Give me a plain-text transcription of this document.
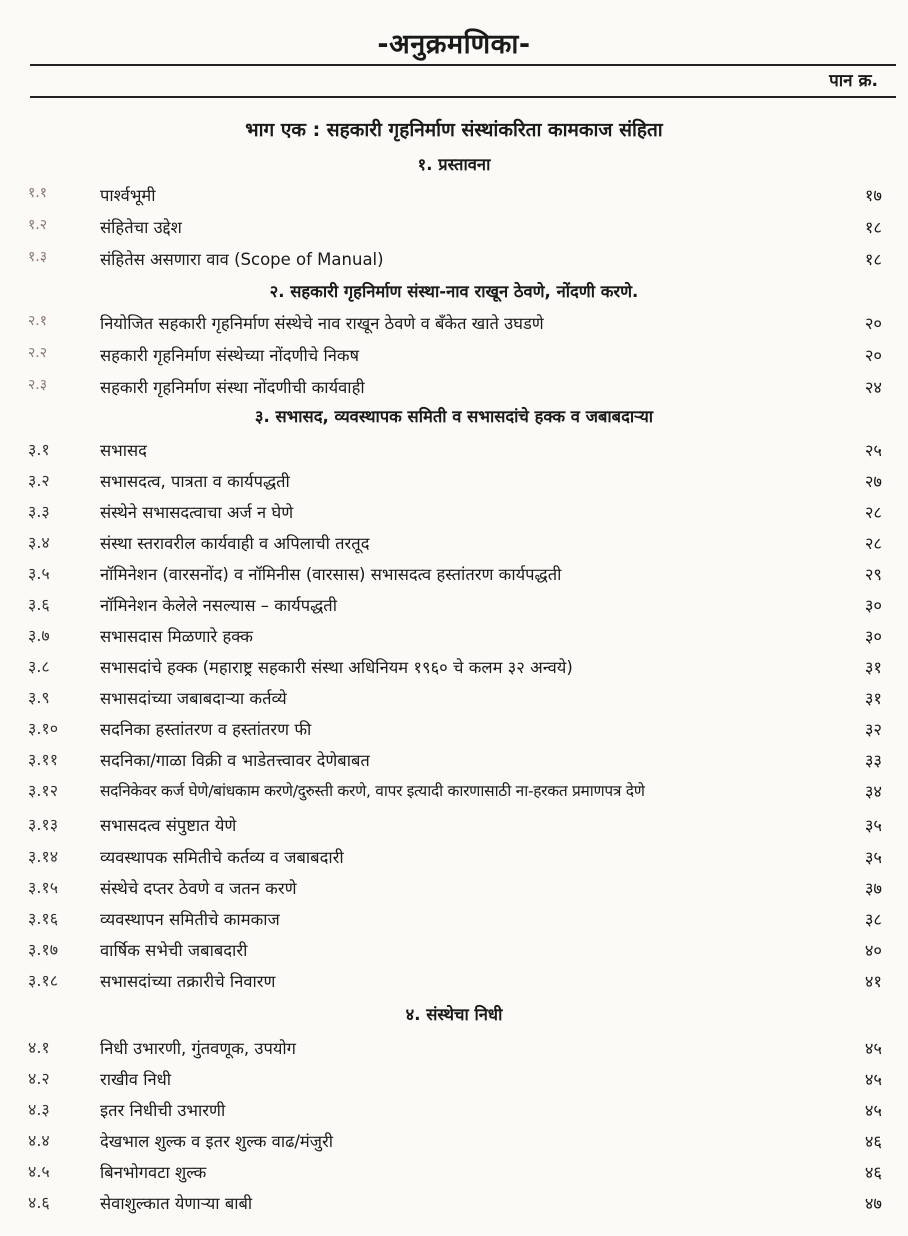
-अनुक्रमणिका-
पान क्र.
भाग एक : सहकारी गृहनिर्माण संस्थांकरिता कामकाज संहिता
१. प्रस्तावना
१.१	पार्श्वभूमी	१७
१.२	संहितेचा उद्देश	१८
१.३	संहितेस असणारा वाव (Scope of Manual)	१८
२. सहकारी गृहनिर्माण संस्था-नाव राखून ठेवणे, नोंदणी करणे.
२.१	नियोजित सहकारी गृहनिर्माण संस्थेचे नाव राखून ठेवणे व बँकेत खाते उघडणे	२०
२.२	सहकारी गृहनिर्माण संस्थेच्या नोंदणीचे निकष	२०
२.३	सहकारी गृहनिर्माण संस्था नोंदणीची कार्यवाही	२४
३. सभासद, व्यवस्थापक समिती व सभासदांचे हक्क व जबाबदाऱ्या
३.१	सभासद	२५
३.२	सभासदत्व, पात्रता व कार्यपद्धती	२७
३.३	संस्थेने सभासदत्वाचा अर्ज न घेणे	२८
३.४	संस्था स्तरावरील कार्यवाही व अपिलाची तरतूद	२८
३.५	नॉमिनेशन (वारसनोंद) व नॉमिनीस (वारसास) सभासदत्व हस्तांतरण कार्यपद्धती	२९
३.६	नॉमिनेशन केलेले नसल्यास – कार्यपद्धती	३०
३.७	सभासदास मिळणारे हक्क	३०
३.८	सभासदांचे हक्क (महाराष्ट्र सहकारी संस्था अधिनियम १९६० चे कलम ३२ अन्वये)	३१
३.९	सभासदांच्या जबाबदाऱ्या कर्तव्ये	३१
३.१०	सदनिका हस्तांतरण व हस्तांतरण फी	३२
३.११	सदनिका/गाळा विक्री व भाडेतत्त्वावर देणेबाबत	३३
३.१२	सदनिकेवर कर्ज घेणे/बांधकाम करणे/दुरुस्ती करणे, वापर इत्यादी कारणासाठी ना-हरकत प्रमाणपत्र देणे	३४
३.१३	सभासदत्व संपुष्टात येणे	३५
३.१४	व्यवस्थापक समितीचे कर्तव्य व जबाबदारी	३५
३.१५	संस्थेचे दप्तर ठेवणे व जतन करणे	३७
३.१६	व्यवस्थापन समितीचे कामकाज	३८
३.१७	वार्षिक सभेची जबाबदारी	४०
३.१८	सभासदांच्या तक्रारीचे निवारण	४१
४. संस्थेचा निधी
४.१	निधी उभारणी, गुंतवणूक, उपयोग	४५
४.२	राखीव निधी	४५
४.३	इतर निधीची उभारणी	४५
४.४	देखभाल शुल्क व इतर शुल्क वाढ/मंजुरी	४६
४.५	बिनभोगवटा शुल्क	४६
४.६	सेवाशुल्कात येणाऱ्या बाबी	४७
